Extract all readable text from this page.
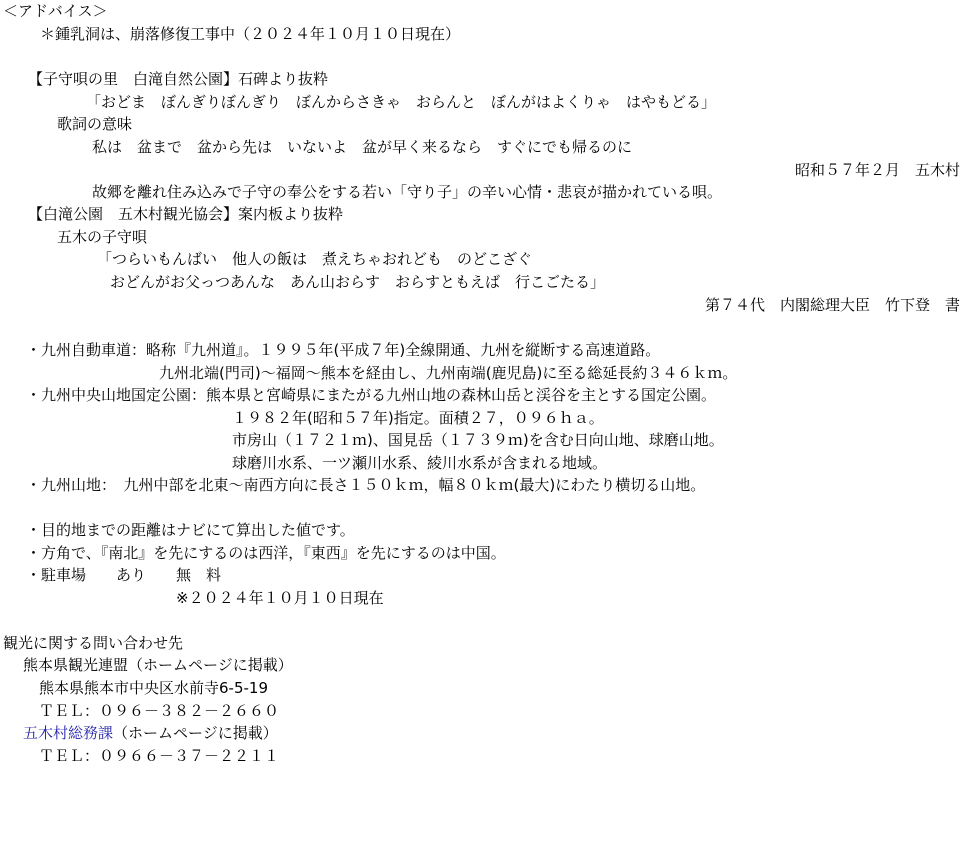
＜アドバイス＞
＊鍾乳洞は、崩落修復工事中（２０２４年１０月１０日現在）
【子守唄の里　白滝自然公園】石碑より抜粋
「おどま　ぼんぎりぼんぎり　ぼんからさきゃ　おらんと　ぼんがはよくりゃ　はやもどる」
歌詞の意味
私は　盆まで　盆から先は　いないよ　盆が早く来るなら　すぐにでも帰るのに
昭和５７年２月　五木村
故郷を離れ住み込みで子守の奉公をする若い「守り子」の辛い心情・悲哀が描かれている唄。
【白滝公園　五木村観光協会】案内板より抜粋
五木の子守唄
「つらいもんばい　他人の飯は　煮えちゃおれども　のどこざぐ
おどんがお父っつあんな　あん山おらす　おらすともえば　行こごたる」
第７４代　内閣総理大臣　竹下登　書
・九州自動車道：略称『九州道』。１９９５年(平成７年)全線開通、九州を縦断する高速道路。
九州北端(門司)～福岡～熊本を経由し、九州南端(鹿児島)に至る総延長約３４６ｋｍ。
・九州中央山地国定公園：熊本県と宮崎県にまたがる九州山地の森林山岳と渓谷を主とする国定公園。
１９８２年(昭和５７年)指定。面積２７，０９６ｈａ。
市房山（１７２１ｍ)、国見岳（１７３９ｍ)を含む日向山地、球磨山地。
球磨川水系、一ツ瀬川水系、綾川水系が含まれる地域。
・九州山地：　九州中部を北東～南西方向に長さ１５０ｋｍ，幅８０ｋｍ(最大)にわたり横切る山地。
・目的地までの距離はナビにて算出した値です。
・方角で、『南北』を先にするのは西洋，『東西』を先にするのは中国。
・駐車場　　あり　　無　料
※２０２４年１０月１０日現在
観光に関する問い合わせ先
熊本県観光連盟（ホームページに掲載）
熊本県熊本市中央区水前寺6-5-19
ＴＥＬ：０９６－３８２－２６６０
五木村総務課（ホームページに掲載）
ＴＥＬ：０９６６－３７－２２１１
